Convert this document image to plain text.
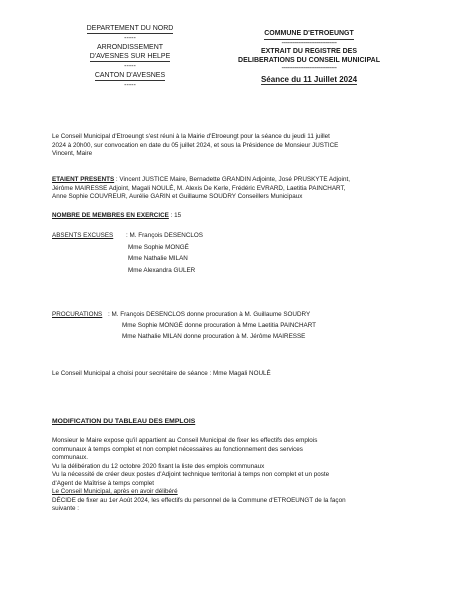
DEPARTEMENT DU NORD
-----
ARRONDISSEMENT
D'AVESNES SUR HELPE
-----
CANTON D'AVESNES
-----
COMMUNE D'ETROEUNGT
------------------------------
EXTRAIT DU REGISTRE DES
DELIBERATIONS DU CONSEIL MUNICIPAL
------------------------------
Séance du 11 Juillet 2024
Le Conseil Municipal d'Etroeungt s'est réuni à la Mairie d'Etroeungt pour la séance du jeudi 11 juillet
2024 à 20h00, sur convocation en date du 05 juillet 2024, et sous la Présidence de Monsieur JUSTICE
Vincent, Maire
ETAIENT PRESENTS : Vincent JUSTICE Maire, Bernadette GRANDIN Adjointe, José PRUSKYTE Adjoint,
Jérôme MAIRESSE Adjoint, Magali NOULÉ, M. Alexis De Kerle, Frédéric EVRARD, Laetitia PAINCHART,
Anne Sophie COUVREUR, Aurélie GARIN et Guillaume SOUDRY Conseillers Municipaux
NOMBRE DE MEMBRES EN EXERCICE : 15
ABSENTS EXCUSES : M. François DESENCLOS
Mme Sophie MONGÉ
Mme Nathalie MILAN
Mme Alexandra GULER
PROCURATIONS : M. François DESENCLOS donne procuration à M. Guillaume SOUDRY
Mme Sophie MONGÉ donne procuration à Mme Laetitia PAINCHART
Mme Nathalie MILAN donne procuration à M. Jérôme MAIRESSE
Le Conseil Municipal a choisi pour secrétaire de séance : Mme Magali NOULÉ
MODIFICATION DU TABLEAU DES EMPLOIS
Monsieur le Maire expose qu'il appartient au Conseil Municipal de fixer les effectifs des emplois
communaux à temps complet et non complet nécessaires au fonctionnement des services
communaux.
Vu la délibération du 12 octobre 2020 fixant la liste des emplois communaux
Vu la nécessité de créer deux postes d'Adjoint technique territorial à temps non complet et un poste
d'Agent de Maîtrise à temps complet
Le Conseil Municipal, après en avoir délibéré
DÉCIDE de fixer au 1er Août 2024, les effectifs du personnel de la Commune d'ETROEUNGT de la façon
suivante :
